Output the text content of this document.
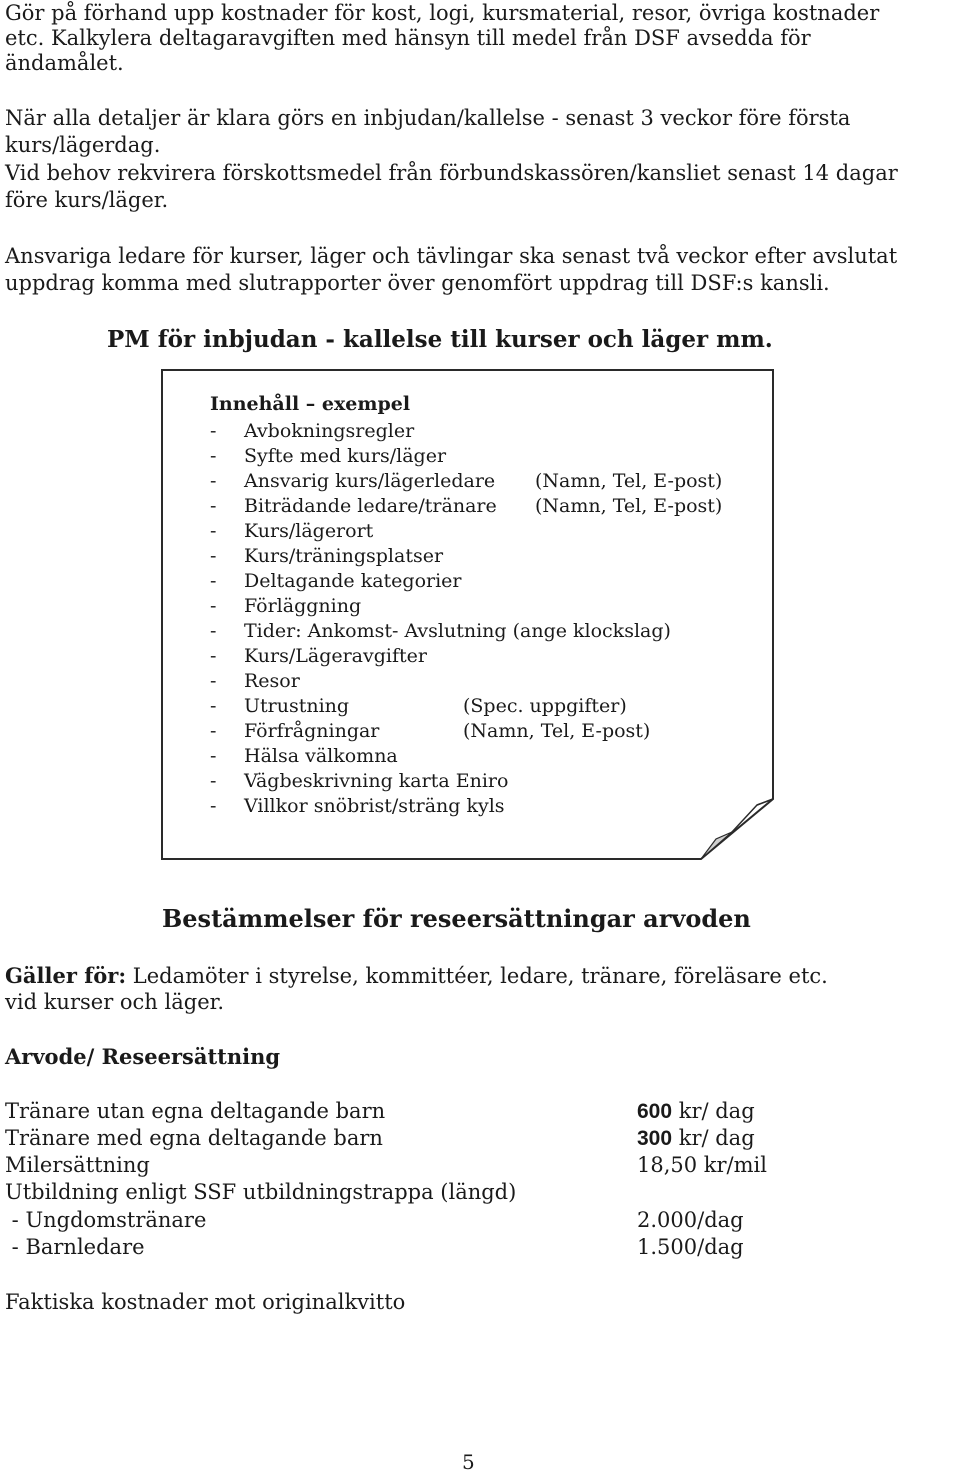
Gör på förhand upp kostnader för kost, logi, kursmaterial, resor, övriga kostnader
etc. Kalkylera deltagaravgiften med hänsyn till medel från DSF avsedda för
ändamålet.
När alla detaljer är klara görs en inbjudan/kallelse - senast 3 veckor före första
kurs/lägerdag.
Vid behov rekvirera förskottsmedel från förbundskassören/kansliet senast 14 dagar
före kurs/läger.
Ansvariga ledare för kurser, läger och tävlingar ska senast två veckor efter avslutat
uppdrag komma med slutrapporter över genomfört uppdrag till DSF:s kansli.
PM för inbjudan - kallelse till kurser och läger mm.
Innehåll – exempel
- Avbokningsregler
- Syfte med kurs/läger
- Ansvarig kurs/lägerledare (Namn, Tel, E-post)
- Biträdande ledare/tränare (Namn, Tel, E-post)
- Kurs/lägerort
- Kurs/träningsplatser
- Deltagande kategorier
- Förläggning
- Tider: Ankomst- Avslutning (ange klockslag)
- Kurs/Lägeravgifter
- Resor
- Utrustning	(Spec. uppgifter)
- Förfrågningar	(Namn, Tel, E-post)
- Hälsa välkomna
- Vägbeskrivning karta Eniro
- Villkor snöbrist/sträng kyls
Bestämmelser för reseersättningar arvoden
Gäller för: Ledamöter i styrelse, kommittéer, ledare, tränare, föreläsare etc.
vid kurser och läger.
Arvode/ Reseersättning
Tränare utan egna deltagande barn	600 kr/ dag
Tränare med egna deltagande barn	300 kr/ dag
Milersättning	18,50 kr/mil
Utbildning enligt SSF utbildningstrappa (längd)
- Ungdomstränare	2.000/dag
- Barnledare	1.500/dag
Faktiska kostnader mot originalkvitto
5
